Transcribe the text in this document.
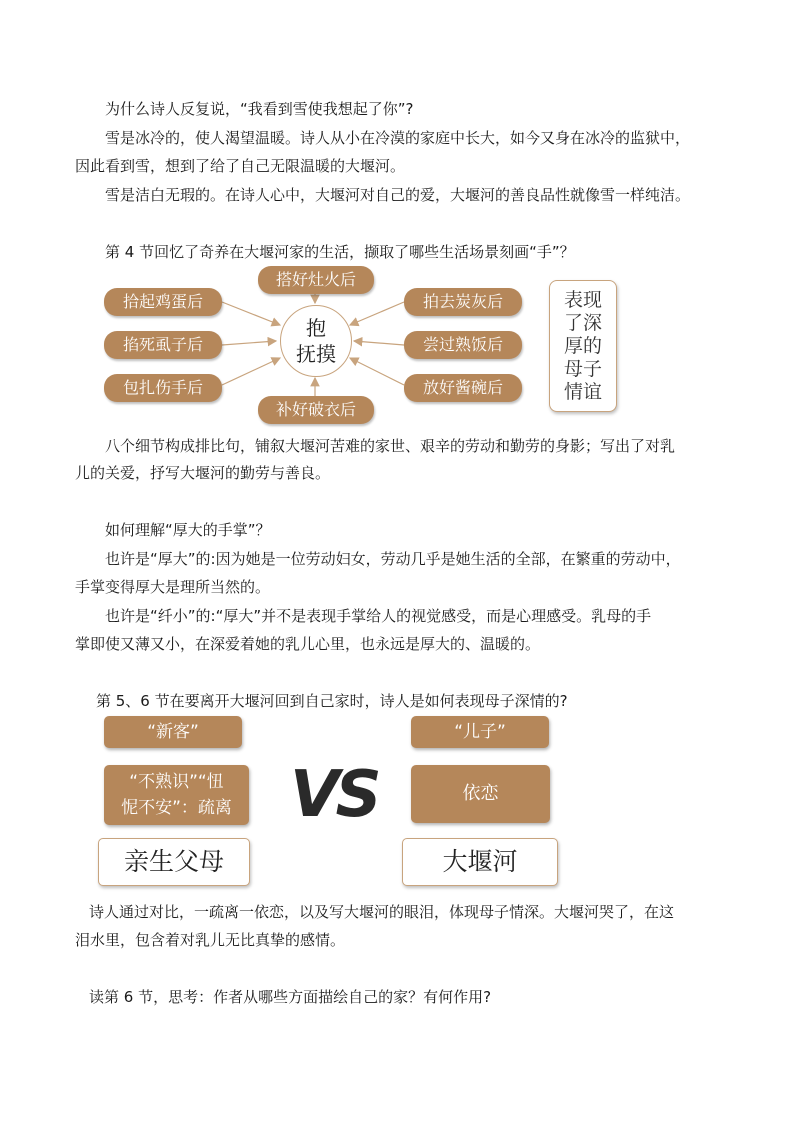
为什么诗人反复说，“我看到雪使我想起了你”?
雪是冰冷的，使人渴望温暖。诗人从小在冷漠的家庭中长大，如今又身在冰冷的监狱中，
因此看到雪，想到了给了自己无限温暖的大堰河。
雪是洁白无瑕的。在诗人心中，大堰河对自己的爱，大堰河的善良品性就像雪一样纯洁。
第 4 节回忆了奇养在大堰河家的生活，撷取了哪些生活场景刻画“手”？
搭好灶火后
补好破衣后
拾起鸡蛋后
掐死虱子后
包扎伤手后
拍去炭灰后
尝过熟饭后
放好酱碗后
抱
抚摸
表现
了深
厚的
母子
情谊
八个细节构成排比句，铺叙大堰河苦难的家世、艰辛的劳动和勤劳的身影；写出了对乳
儿的关爱，抒写大堰河的勤劳与善良。
如何理解“厚大的手掌”？
也许是“厚大”的:因为她是一位劳动妇女，劳动几乎是她生活的全部，在繁重的劳动中，
手掌变得厚大是理所当然的。
也许是“纤小”的:“厚大”并不是表现手掌给人的视觉感受，而是心理感受。乳母的手
掌即使又薄又小，在深爱着她的乳儿心里，也永远是厚大的、温暖的。
第 5、6 节在要离开大堰河回到自己家时，诗人是如何表现母子深情的?
“新客”
“不熟识”“忸
怩不安”：疏离
亲生父母
VS
“儿子”
依恋
大堰河
诗人通过对比，一疏离一依恋，以及写大堰河的眼泪，体现母子情深。大堰河哭了，在这
泪水里，包含着对乳儿无比真挚的感情。
读第 6 节，思考：作者从哪些方面描绘自己的家？有何作用?
